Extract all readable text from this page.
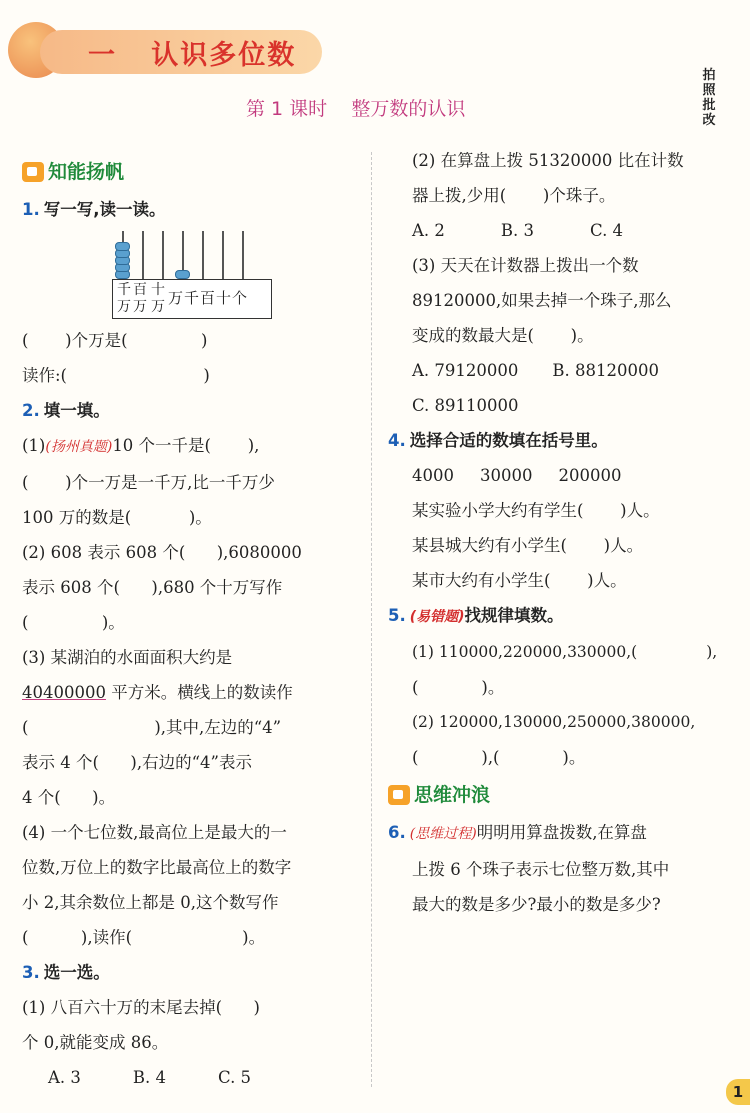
一   认识多位数
第 1 课时    整万数的认识
拍
照
批
改
知能扬帆

1. 写一写,读一读。

千 百 十
万 万 万 万千百十个

(       )个万是(              )

读作:(                          )

2. 填一填。

(1)(扬州真题)10 个一千是(       ),

(       )个一万是一千万,比一千万少

100 万的数是(           )。

(2) 608 表示 608 个(      ),6080000

表示 608 个(      ),680 个十万写作

(              )。

(3) 某湖泊的水面面积大约是

40400000 平方米。横线上的数读作

(                        ),其中,左边的“4”

表示 4 个(      ),右边的“4”表示

4 个(      )。

(4) 一个七位数,最高位上是最大的一

位数,万位上的数字比最高位上的数字

小 2,其余数位上都是 0,这个数写作

(          ),读作(                     )。

3. 选一选。

(1) 八百六十万的末尾去掉(      )

个 0,就能变成 86。

A. 3	B. 4	C. 5

(2) 在算盘上拨 51320000 比在计数

器上拨,少用(       )个珠子。

A. 2	B. 3	C. 4

(3) 天天在计数器上拨出一个数

89120000,如果去掉一个珠子,那么

变成的数最大是(       )。

A. 79120000 B. 88120000

C. 89110000

4. 选择合适的数填在括号里。

4000 30000 200000

某实验小学大约有学生(       )人。

某县城大约有小学生(       )人。

某市大约有小学生(       )人。

5. (易错题)找规律填数。

(1) 110000,220000,330000,(              ),

(            )。

(2) 120000,130000,250000,380000,

(            ),(            )。

思维冲浪

6. (思维过程)明明用算盘拨数,在算盘

上拨 6 个珠子表示七位整万数,其中

最大的数是多少?最小的数是多少?

1
